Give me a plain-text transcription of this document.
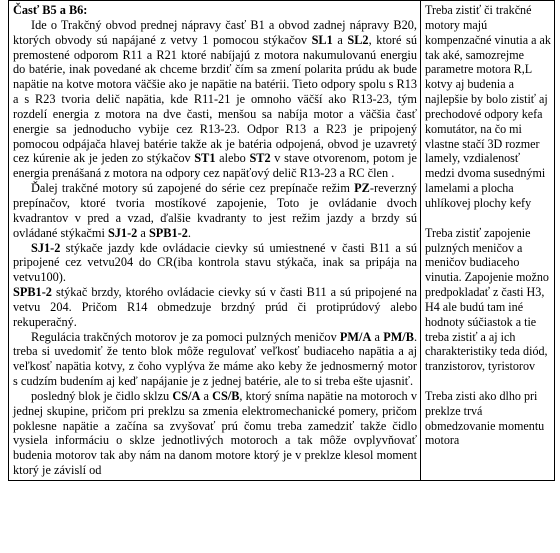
Časť B5 a B6:

Ide o Trakčný obvod prednej nápravy časť B1 a obvod zadnej nápravy B20, ktorých obvody sú napájané z vetvy 1 pomocou stýkačov SL1 a SL2, ktoré sú premostené odporom R11 a R21 ktoré nabíjajú z motora nakumulovanú energiu do batérie, inak povedané ak chceme brzdiť čím sa zmení polarita prúdu ak bude napätie na kotve motora väčšie ako je napätie na batérii. Tieto odpory spolu s R13 a s R23 tvoria delič napätia, kde R11-21 je omnoho väčší ako R13-23, tým rozdelí energia z motora na dve časti, menšou sa nabíja motor a väčšia časť energie sa jednoducho vybije cez R13-23. Odpor R13 a R23 je pripojený pomocou odpájača hlavej batérie takže ak je batéria odpojená, obvod je uzavretý cez kúrenie ak je jeden zo stýkačov ST1 alebo ST2 v stave otvorenom, potom je energia prenášaná z motora na odpory cez napäťový delič R13-23 a RC člen .

Ďalej trakčné motory sú zapojené do série cez prepínače režim PZ-reverzný prepínačov, ktoré tvoria mostíkové zapojenie, Toto je ovládanie dvoch kvadrantov v pred a vzad, ďalšie kvadranty to jest režim jazdy a brzdy sú ovládané stýkačmi SJ1-2 a SPB1-2.

SJ1-2 stýkače jazdy kde ovládacie cievky sú umiestnené v časti B11 a sú pripojené cez vetvu204 do CR(iba kontrola stavu stýkača, inak sa pripája na vetvu100).

SPB1-2 stýkač brzdy, ktorého ovládacie cievky sú v časti B11 a sú pripojené na vetvu 204. Pričom R14 obmedzuje brzdný prúd či protiprúdový alebo rekuperačný.

Regulácia trakčných motorov je za pomoci pulzných meničov PM/A a PM/B. treba si uvedomiť že tento blok môže regulovať veľkosť budiaceho napätia a aj veľkosť napätia kotvy, z čoho vyplýva že máme ako keby že jednosmerný motor s cudzím budením aj keď napájanie je z jednej batérie, ale to si treba ešte ujasniť.

posledný blok je čidlo sklzu CS/A a CS/B, ktorý sníma napätie na motoroch v jednej skupine, pričom pri preklzu sa zmenia elektromechanické pomery, pričom poklesne napätie a začína sa zvyšovať prú čomu treba zamedziť takže čidlo vysiela informáciu o sklze jednotlivých motoroch a tak môže ovplyvňovať budenia motorov tak aby nám na danom motore ktorý je v preklze klesol moment ktorý je závislí od

Treba zistiť či trakčné motory majú kompenzačné vinutia a ak tak aké, samozrejme parametre motora R,L kotvy aj budenia a najlepšie by bolo zistiť aj prechodové odpory kefa komutátor, na čo mi vlastne stačí 3D rozmer lamely, vzdialenosť medzi dvoma susednými lamelami a plocha uhlíkovej plochy kefy

Treba zistiť zapojenie pulzných meničov a meničov budiaceho vinutia. Zapojenie možno predpokladať z časti H3, H4 ale budú tam iné hodnoty súčiastok a tie treba zistiť a aj ich charakteristiky teda diód, tranzistorov, tyristorov

Treba zisti ako dlho pri preklze trvá obmedzovanie momentu motora
